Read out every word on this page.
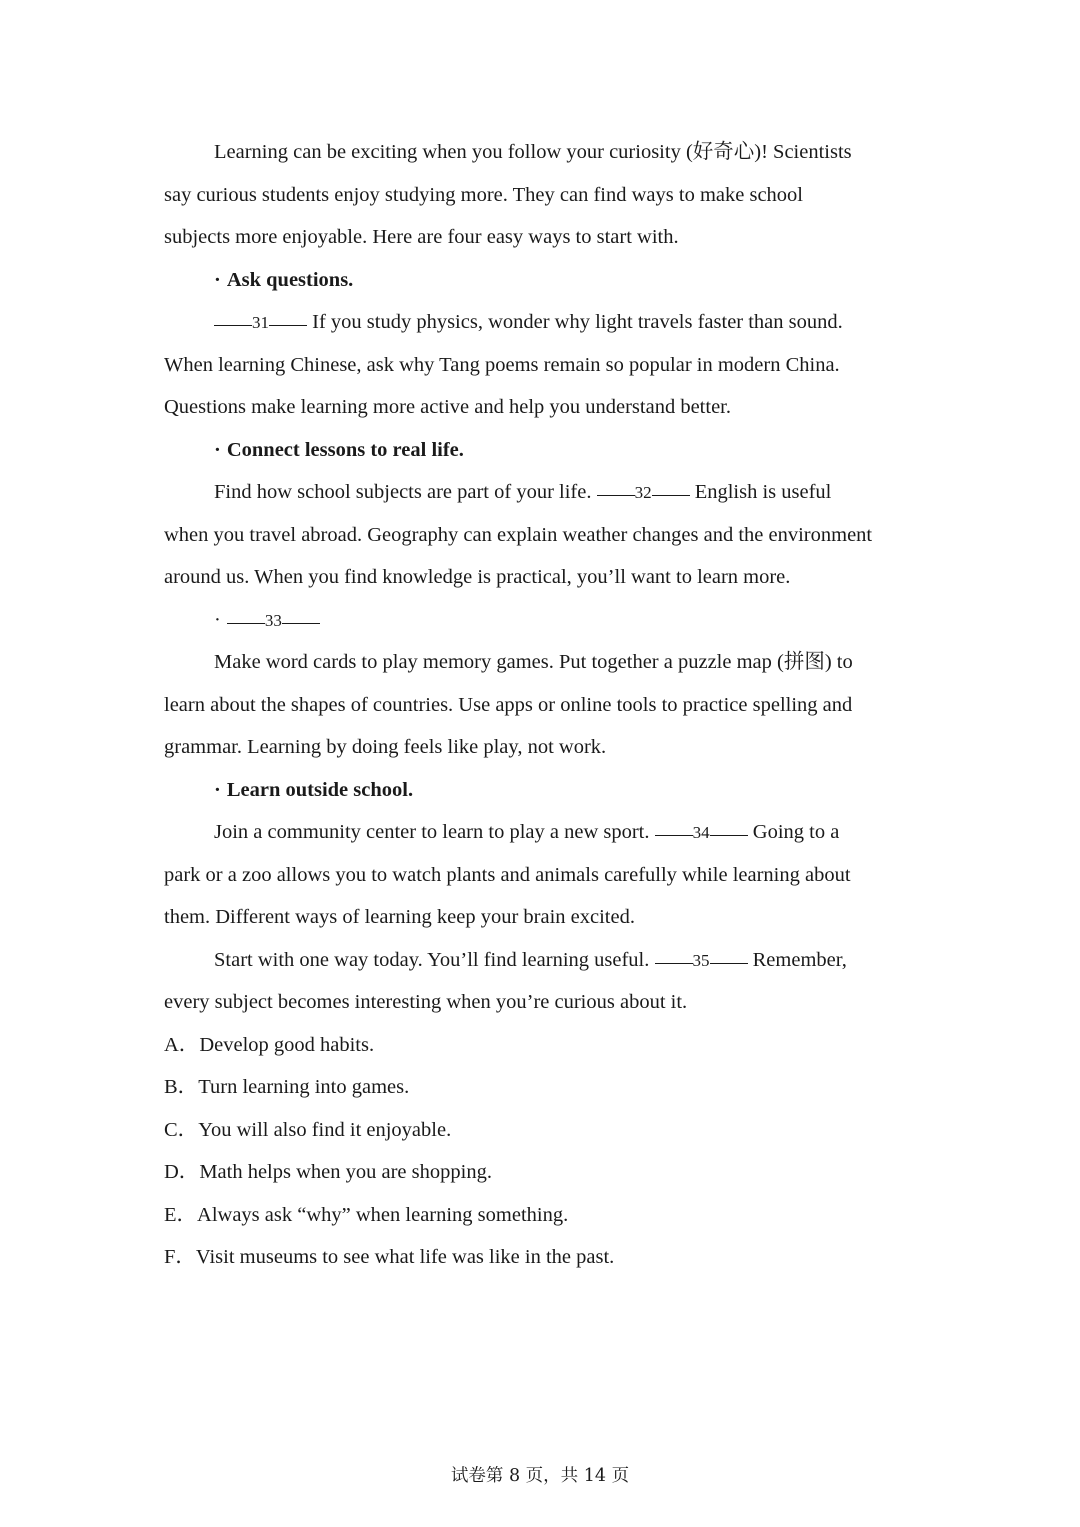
Learning can be exciting when you follow your curiosity (好奇心)! Scientists
say curious students enjoy studying more. They can find ways to make school
subjects more enjoyable. Here are four easy ways to start with.
· Ask questions.
31 If you study physics, wonder why light travels faster than sound.
When learning Chinese, ask why Tang poems remain so popular in modern China.
Questions make learning more active and help you understand better.
· Connect lessons to real life.
Find how school subjects are part of your life. 32 English is useful
when you travel abroad. Geography can explain weather changes and the environment
around us. When you find knowledge is practical, you’ll want to learn more.
·	33
Make word cards to play memory games. Put together a puzzle map (拼图) to
learn about the shapes of countries. Use apps or online tools to practice spelling and
grammar. Learning by doing feels like play, not work.
· Learn outside school.
Join a community center to learn to play a new sport. 34 Going to a
park or a zoo allows you to watch plants and animals carefully while learning about
them. Different ways of learning keep your brain excited.
Start with one way today. You’ll find learning useful. 35 Remember,
every subject becomes interesting when you’re curious about it.
A．Develop good habits.
B．Turn learning into games.
C．You will also find it enjoyable.
D．Math helps when you are shopping.
E．Always ask “why” when learning something.
F．Visit museums to see what life was like in the past.
试卷第 8 页，共 14 页
